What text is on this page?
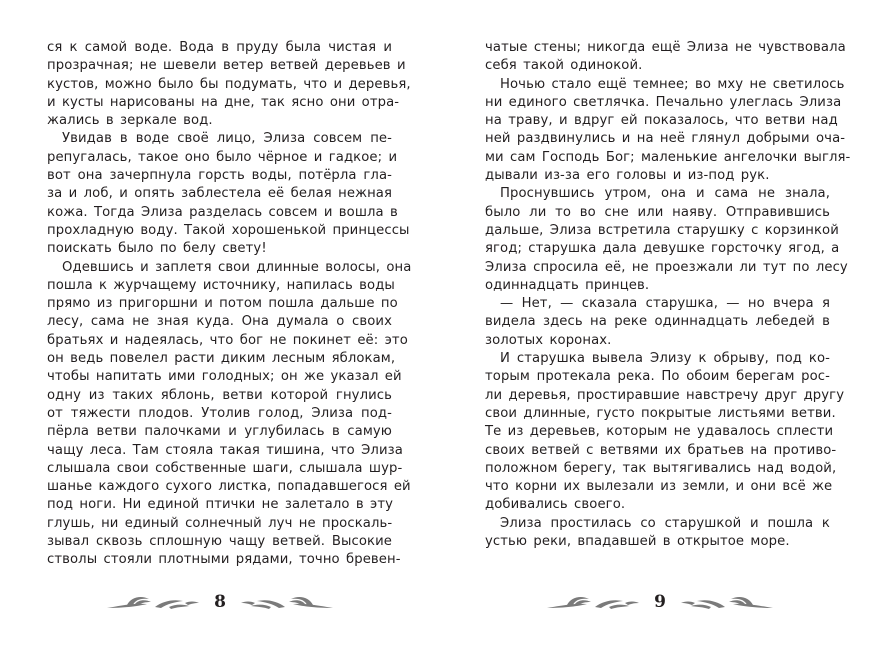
ся к самой воде. Вода в пруду была чистая и
прозрачная; не шевели ветер ветвей деревьев и
кустов, можно было бы подумать, что и деревья,
и кусты нарисованы на дне, так ясно они отра-
жались в зеркале вод.
Увидав в воде своё лицо, Элиза совсем пе-
репугалась, такое оно было чёрное и гадкое; и
вот она зачерпнула горсть воды, потёрла гла-
за и лоб, и опять заблестела её белая нежная
кожа. Тогда Элиза разделась совсем и вошла в
прохладную воду. Такой хорошенькой принцессы
поискать было по белу свету!
Одевшись и заплетя свои длинные волосы, она
пошла к журчащему источнику, напилась воды
прямо из пригоршни и потом пошла дальше по
лесу, сама не зная куда. Она думала о своих
братьях и надеялась, что бог не покинет её: это
он ведь повелел расти диким лесным яблокам,
чтобы напитать ими голодных; он же указал ей
одну из таких яблонь, ветви которой гнулись
от тяжести плодов. Утолив голод, Элиза под-
пёрла ветви палочками и углубилась в самую
чащу леса. Там стояла такая тишина, что Элиза
слышала свои собственные шаги, слышала шур-
шанье каждого сухого листка, попадавшегося ей
под ноги. Ни единой птички не залетало в эту
глушь, ни единый солнечный луч не проскаль-
зывал сквозь сплошную чащу ветвей. Высокие
стволы стояли плотными рядами, точно бревен-
чатые стены; никогда ещё Элиза не чувствовала
себя такой одинокой.
Ночью стало ещё темнее; во мху не светилось
ни единого светлячка. Печально улеглась Элиза
на траву, и вдруг ей показалось, что ветви над
ней раздвинулись и на неё глянул добрыми оча-
ми сам Господь Бог; маленькие ангелочки выгля-
дывали из-за его головы и из-под рук.
Проснувшись утром, она и сама не знала,
было ли то во сне или наяву. Отправившись
дальше, Элиза встретила старушку с корзинкой
ягод; старушка дала девушке горсточку ягод, а
Элиза спросила её, не проезжали ли тут по лесу
одиннадцать принцев.
— Нет, — сказала старушка, — но вчера я
видела здесь на реке одиннадцать лебедей в
золотых коронах.
И старушка вывела Элизу к обрыву, под ко-
торым протекала река. По обоим берегам рос-
ли деревья, простиравшие навстречу друг другу
свои длинные, густо покрытые листьями ветви.
Те из деревьев, которым не удавалось сплести
своих ветвей с ветвями их братьев на противо-
положном берегу, так вытягивались над водой,
что корни их вылезали из земли, и они всё же
добивались своего.
Элиза простилась со старушкой и пошла к
устью реки, впадавшей в открытое море.
8	9
